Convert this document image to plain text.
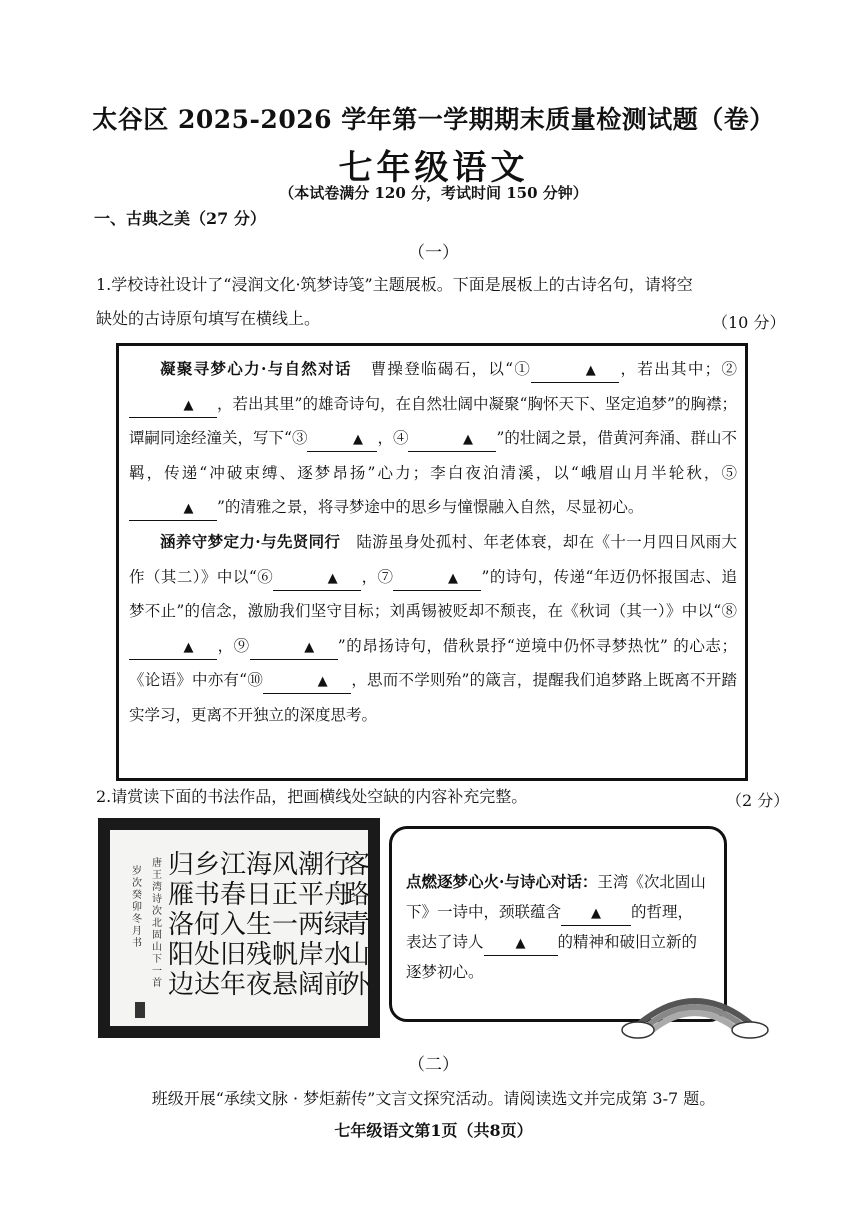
太谷区 2025-2026 学年第一学期期末质量检测试题（卷）
七年级语文
（本试卷满分 120 分，考试时间 150 分钟）
一、古典之美（27 分）
（一）
1.学校诗社设计了“浸润文化·筑梦诗笺”主题展板。下面是展板上的古诗名句，请将空
缺处的古诗原句填写在横线上。	（10 分）

凝聚寻梦心力·与自然对话 曹操登临碣石，以“①	▲ ，若出其中；②▲ ，若出其里”的雄奇诗句，在自然壮阔中凝聚“胸怀天下、坚定追梦”的胸襟；谭嗣同途经潼关，写下“③	▲ ，④	▲ ”的壮阔之景，借黄河奔涌、群山不羁，传递“冲破束缚、逐梦昂扬”心力；李白夜泊清溪，以“峨眉山月半轮秋，⑤▲ ”的清雅之景，将寻梦途中的思乡与憧憬融入自然，尽显初心。

涵养守梦定力·与先贤同行 陆游虽身处孤村、年老体衰，却在《十一月四日风雨大作（其二）》中以“⑥	▲ ，⑦	▲ ”的诗句，传递“年迈仍怀报国志、追梦不止”的信念，激励我们坚守目标；刘禹锡被贬却不颓丧，在《秋词（其一）》中以“⑧▲ ，⑨	▲ ”的昂扬诗句，借秋景抒“逆境中仍怀寻梦热忱” 的心志；《论语》中亦有“⑩	▲ ，思而不学则殆”的箴言，提醒我们追梦路上既离不开踏实学习，更离不开独立的深度思考。

2.请赏读下面的书法作品，把画横线处空缺的内容补充完整。	（2 分）
岁次癸卯冬月书
唐王湾诗次北固山下一首
归雁洛阳边
乡书何处达
江春入旧年
海日生残夜
风正一帆悬
潮平两岸阔
行舟绿水前
客路青山外
点燃逐梦心火·与诗心对话：王湾《次北固山下》一诗中，颈联蕴含 ▲ 的哲理，表达了诗人 ▲ 的精神和破旧立新的逐梦初心。
（二）
班级开展“承续文脉 · 梦炬薪传”文言文探究活动。请阅读选文并完成第 3-7 题。
七年级语文第1页（共8页）
